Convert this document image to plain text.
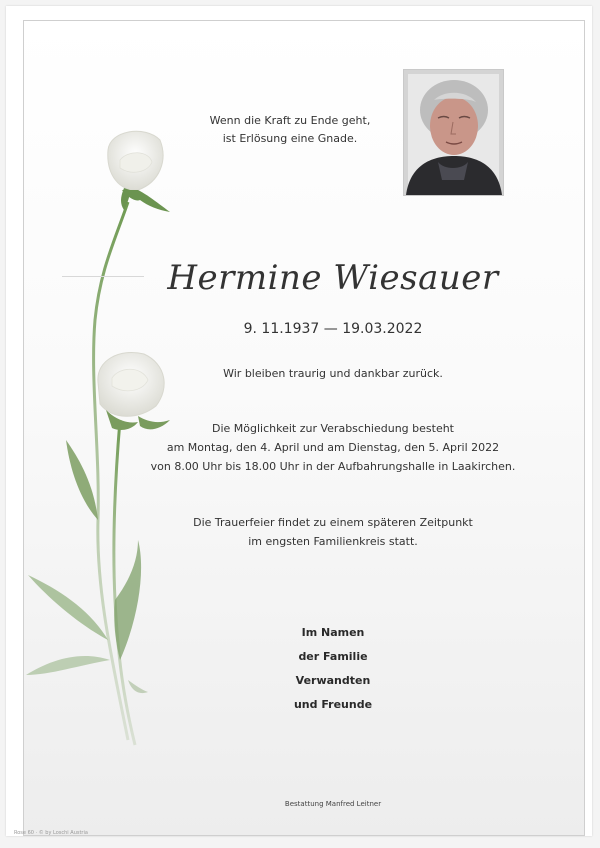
Wenn die Kraft zu Ende geht,
ist Erlösung eine Gnade.
Hermine Wiesauer
9. 11.1937 — 19.03.2022
Wir bleiben traurig und dankbar zurück.
Die Möglichkeit zur Verabschiedung besteht
am Montag, den 4. April und am Dienstag, den 5. April 2022
von 8.00 Uhr bis 18.00 Uhr in der Aufbahrungshalle in Laakirchen.
Die Trauerfeier findet zu einem späteren Zeitpunkt
im engsten Familienkreis statt.
Im Namen
der Familie
Verwandten
und Freunde
Bestattung Manfred Leitner
Rose 60 · © by Loschi Austria
